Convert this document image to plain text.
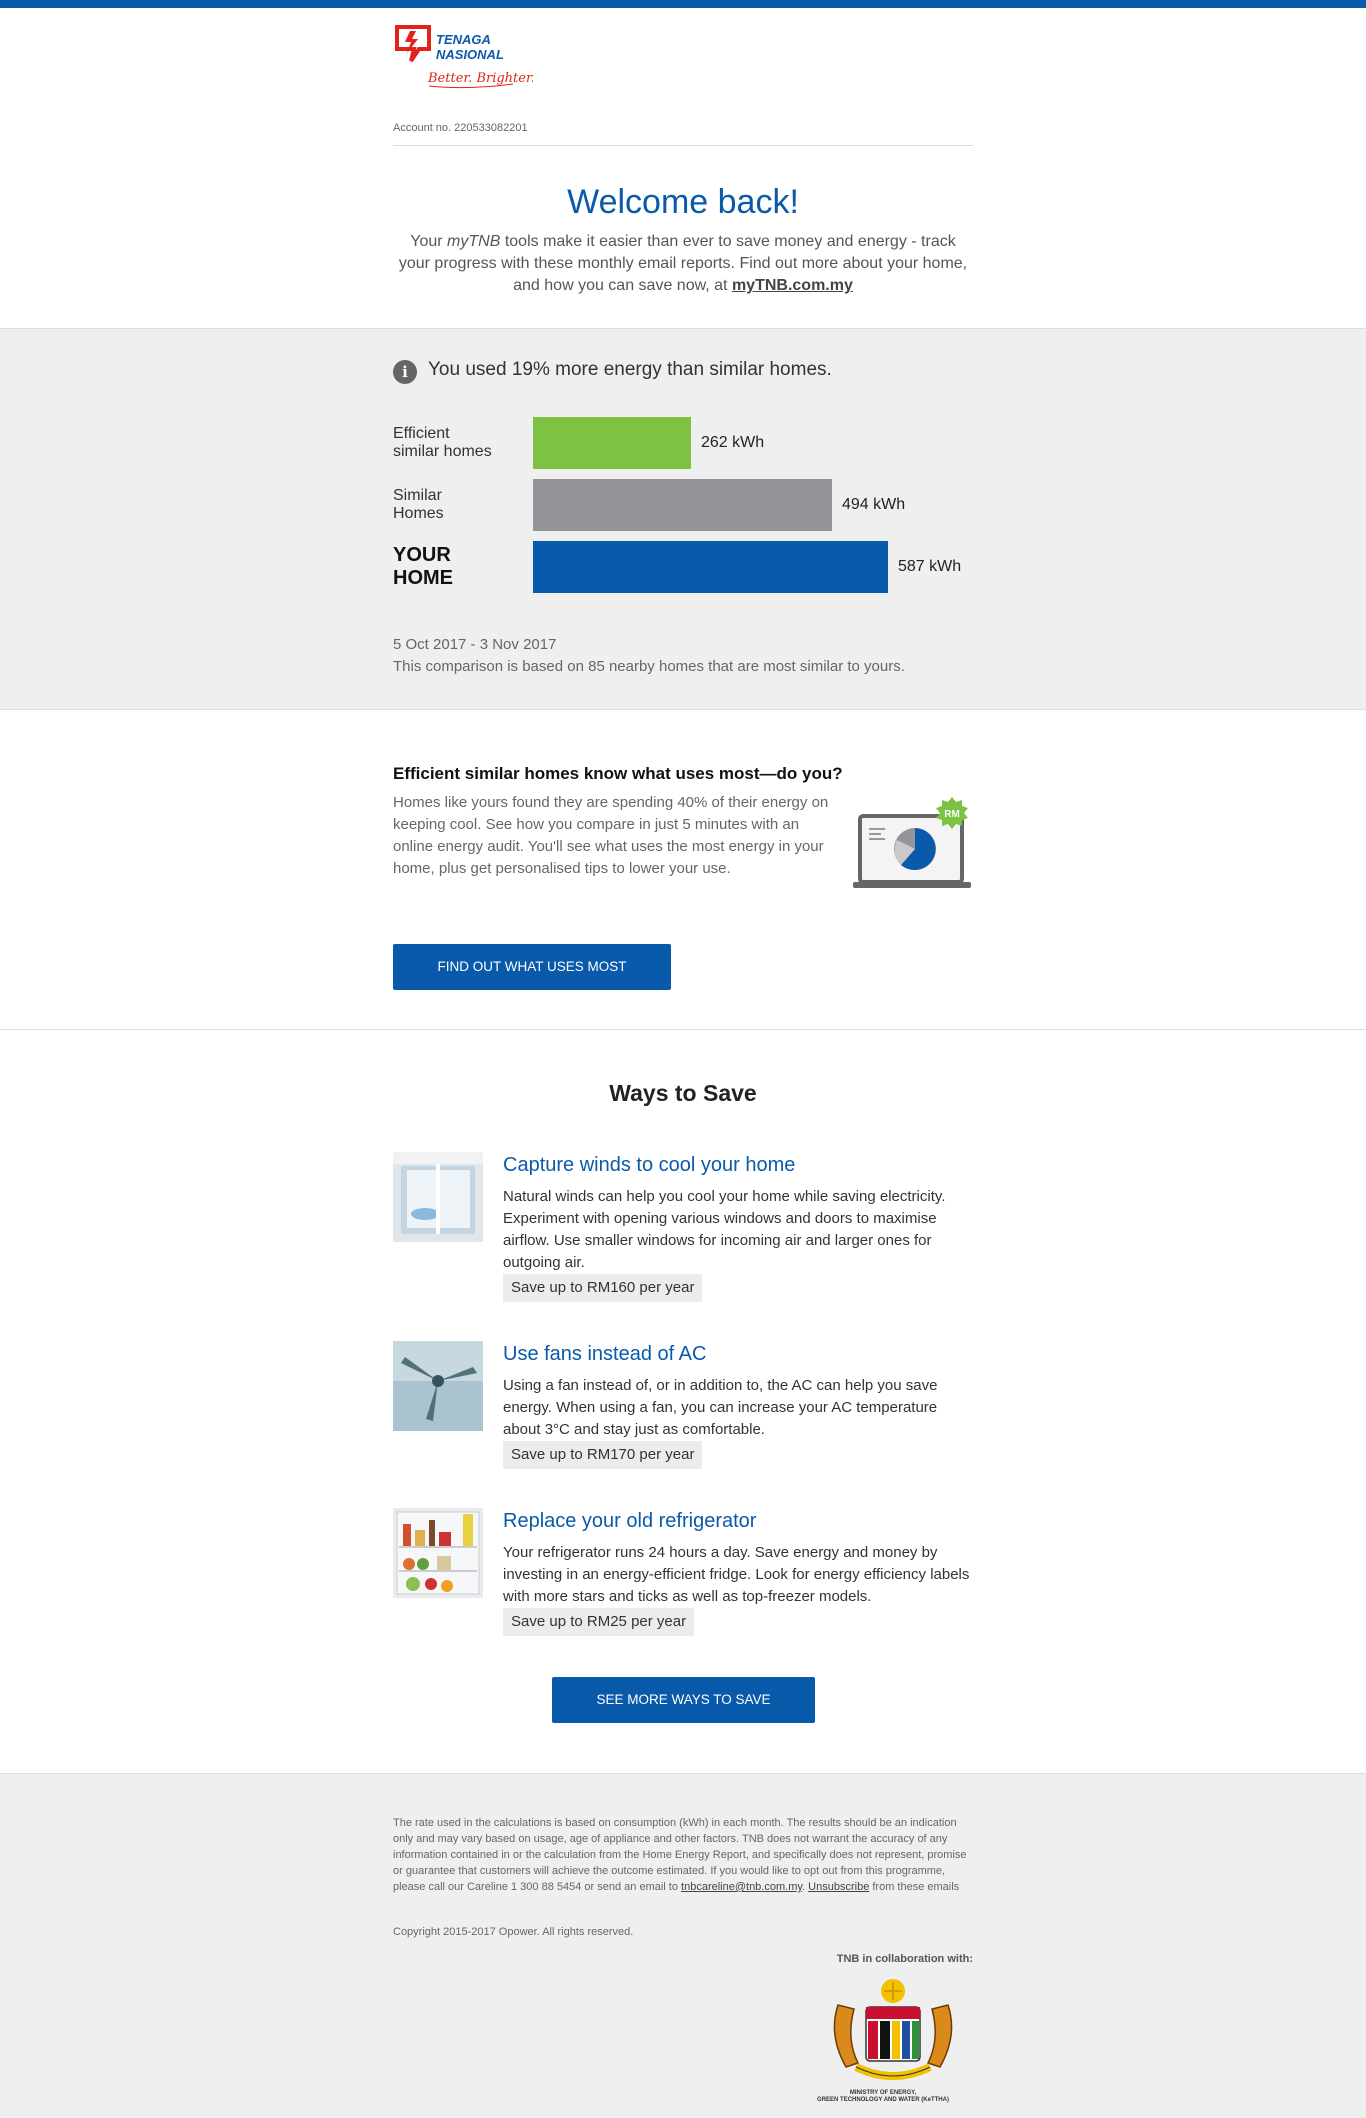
TENAGA
NASIONAL
Better. Brighter.
Account no. 220533082201
Welcome back!
Your myTNB tools make it easier than ever to save money and energy - track your progress with these monthly email reports. Find out more about your home, and how you can save now, at myTNB.com.my
i	You used 19% more energy than similar homes.
Efficient
similar homes
262 kWh
Similar
Homes
494 kWh
YOUR
HOME
587 kWh
5 Oct 2017 - 3 Nov 2017
This comparison is based on 85 nearby homes that are most similar to yours.
Efficient similar homes know what uses most—do you?
Homes like yours found they are spending 40% of their energy on keeping cool. See how you compare in just 5 minutes with an online energy audit. You'll see what uses the most energy in your home, plus get personalised tips to lower your use.
RM
FIND OUT WHAT USES MOST
Ways to Save
Capture winds to cool your home
Natural winds can help you cool your home while saving electricity. Experiment with opening various windows and doors to maximise airflow. Use smaller windows for incoming air and larger ones for outgoing air.
Save up to RM160 per year
Use fans instead of AC
Using a fan instead of, or in addition to, the AC can help you save energy. When using a fan, you can increase your AC temperature about 3°C and stay just as comfortable.
Save up to RM170 per year
Replace your old refrigerator
Your refrigerator runs 24 hours a day. Save energy and money by investing in an energy-efficient fridge. Look for energy efficiency labels with more stars and ticks as well as top-freezer models.
Save up to RM25 per year
SEE MORE WAYS TO SAVE
The rate used in the calculations is based on consumption (kWh) in each month. The results should be an indication only and may vary based on usage, age of appliance and other factors. TNB does not warrant the accuracy of any information contained in or the calculation from the Home Energy Report, and specifically does not represent, promise or guarantee that customers will achieve the outcome estimated. If you would like to opt out from this programme, please call our Careline 1 300 88 5454 or send an email to tnbcareline@tnb.com.my. Unsubscribe from these emails
Copyright 2015-2017 Opower. All rights reserved.
TNB in collaboration with:
MINISTRY OF ENERGY,
GREEN TECHNOLOGY AND WATER (KeTTHA)
